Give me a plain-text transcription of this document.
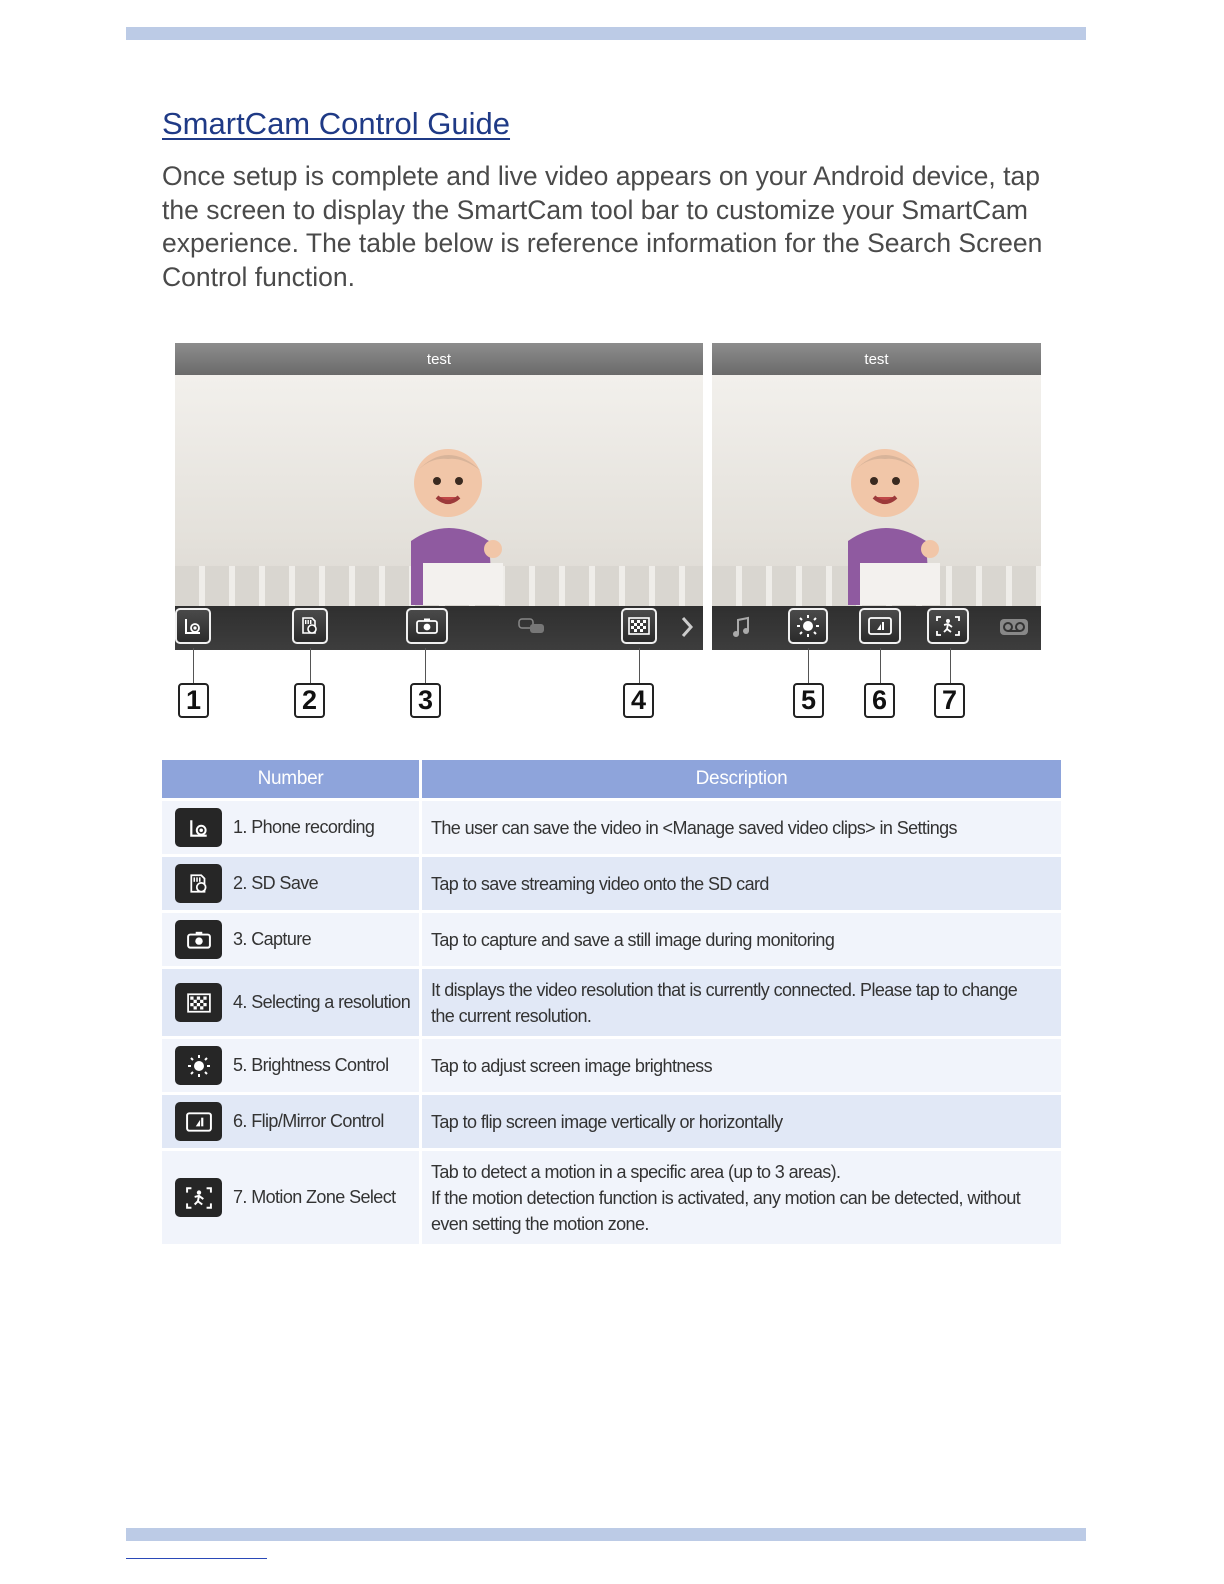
SmartCam Control Guide

Once setup is complete and live video appears on your Android device, tap the screen to display the SmartCam tool bar to customize your SmartCam experience. The table below is reference information for the Search Screen Control function.

test	test
1	2	3	4	5 6 7
Number	Description

1. Phone recording	The user can save the video in <Manage saved video clips> in Settings

2. SD Save	Tap to save streaming video onto the SD card

3. Capture	Tap to capture and save a still image during monitoring

4. Selecting a resolution	It displays the video resolution that is currently connected. Please tap to change the current resolution.

5. Brightness Control	Tap to adjust screen image brightness

6. Flip/Mirror Control	Tap to flip screen image vertically or horizontally

7. Motion Zone Select	Tab to detect a motion in a specific area (up to 3 areas).
If the motion detection function is activated, any motion can be detected, without even setting the motion zone.
